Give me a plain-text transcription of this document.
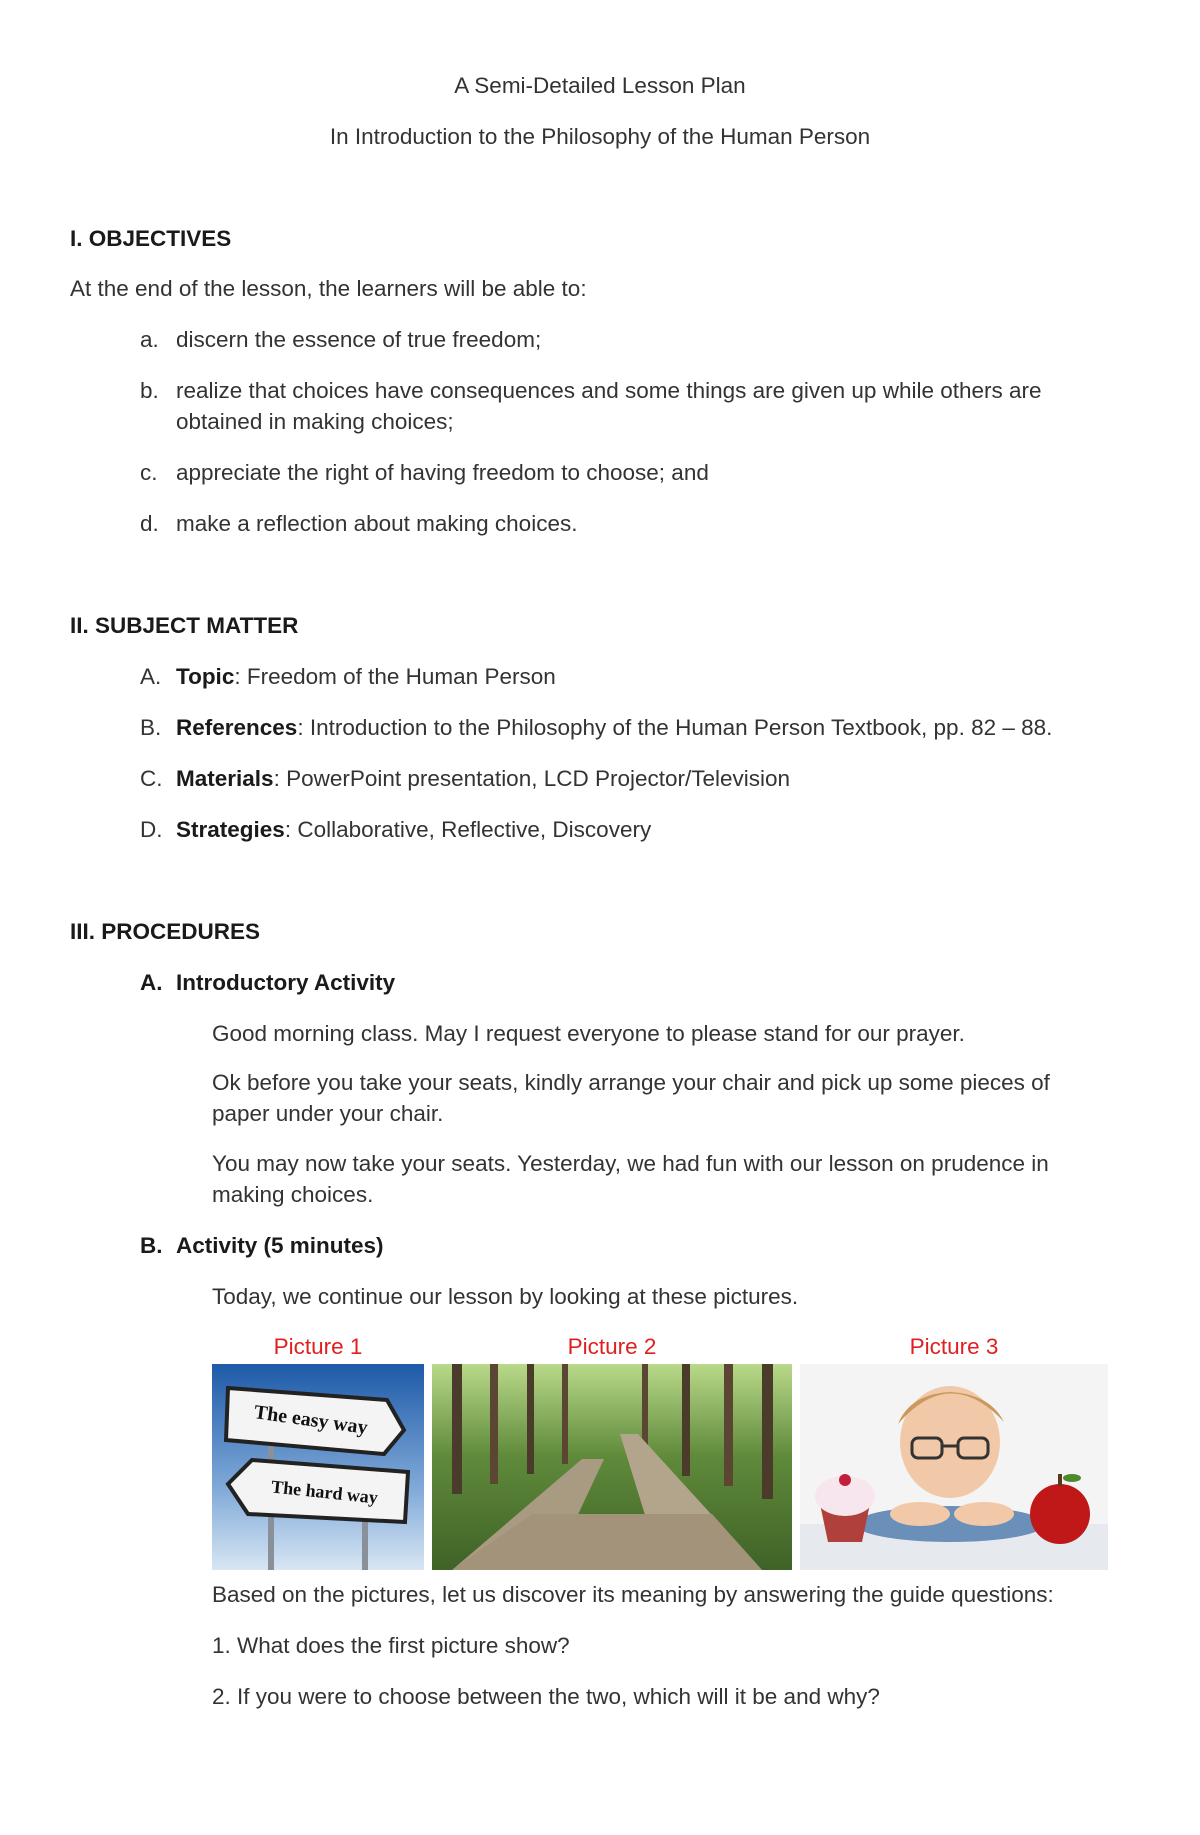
A Semi-Detailed Lesson Plan
In Introduction to the Philosophy of the Human Person
I. OBJECTIVES
At the end of the lesson, the learners will be able to:
a. discern the essence of true freedom;
b. realize that choices have consequences and some things are given up while others are
obtained in making choices;
c. appreciate the right of having freedom to choose; and
d. make a reflection about making choices.
II. SUBJECT MATTER
A. Topic: Freedom of the Human Person
B. References: Introduction to the Philosophy of the Human Person Textbook, pp. 82 – 88.
C. Materials: PowerPoint presentation, LCD Projector/Television
D. Strategies: Collaborative, Reflective, Discovery
III. PROCEDURES
A. Introductory Activity
Good morning class. May I request everyone to please stand for our prayer.
Ok before you take your seats, kindly arrange your chair and pick up some pieces of
paper under your chair.
You may now take your seats. Yesterday, we had fun with our lesson on prudence in
making choices.
B. Activity (5 minutes)
Today, we continue our lesson by looking at these pictures.
Picture 1	Picture 2	Picture 3
The easy way
The hard way
Based on the pictures, let us discover its meaning by answering the guide questions:
1. What does the first picture show?
2. If you were to choose between the two, which will it be and why?
